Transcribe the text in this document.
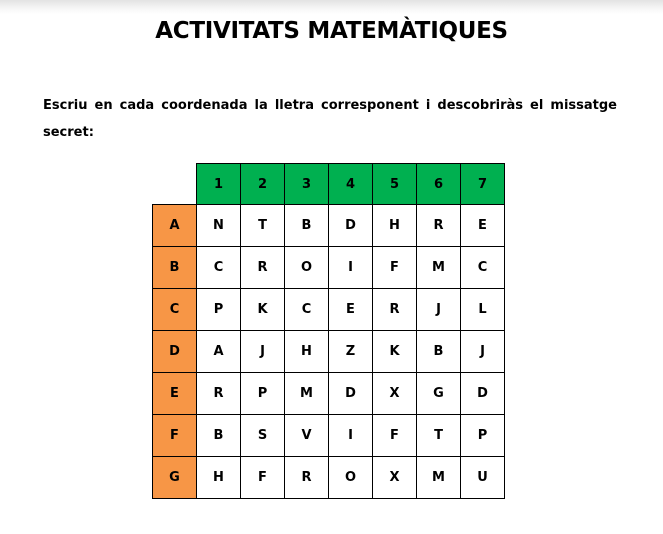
ACTIVITATS MATEMÀTIQUES

Escriu en cada coordenada la lletra corresponent i descobriràs el missatge secret:

	1	2	3	4	5	6	7
A	N	T	B	D	H	R	E
B	C	R	O	I	F	M	C
C	P	K	C	E	R	J	L
D	A	J	H	Z	K	B	J
E	R	P	M	D	X	G	D
F	B	S	V	I	F	T	P
G	H	F	R	O	X	M	U
